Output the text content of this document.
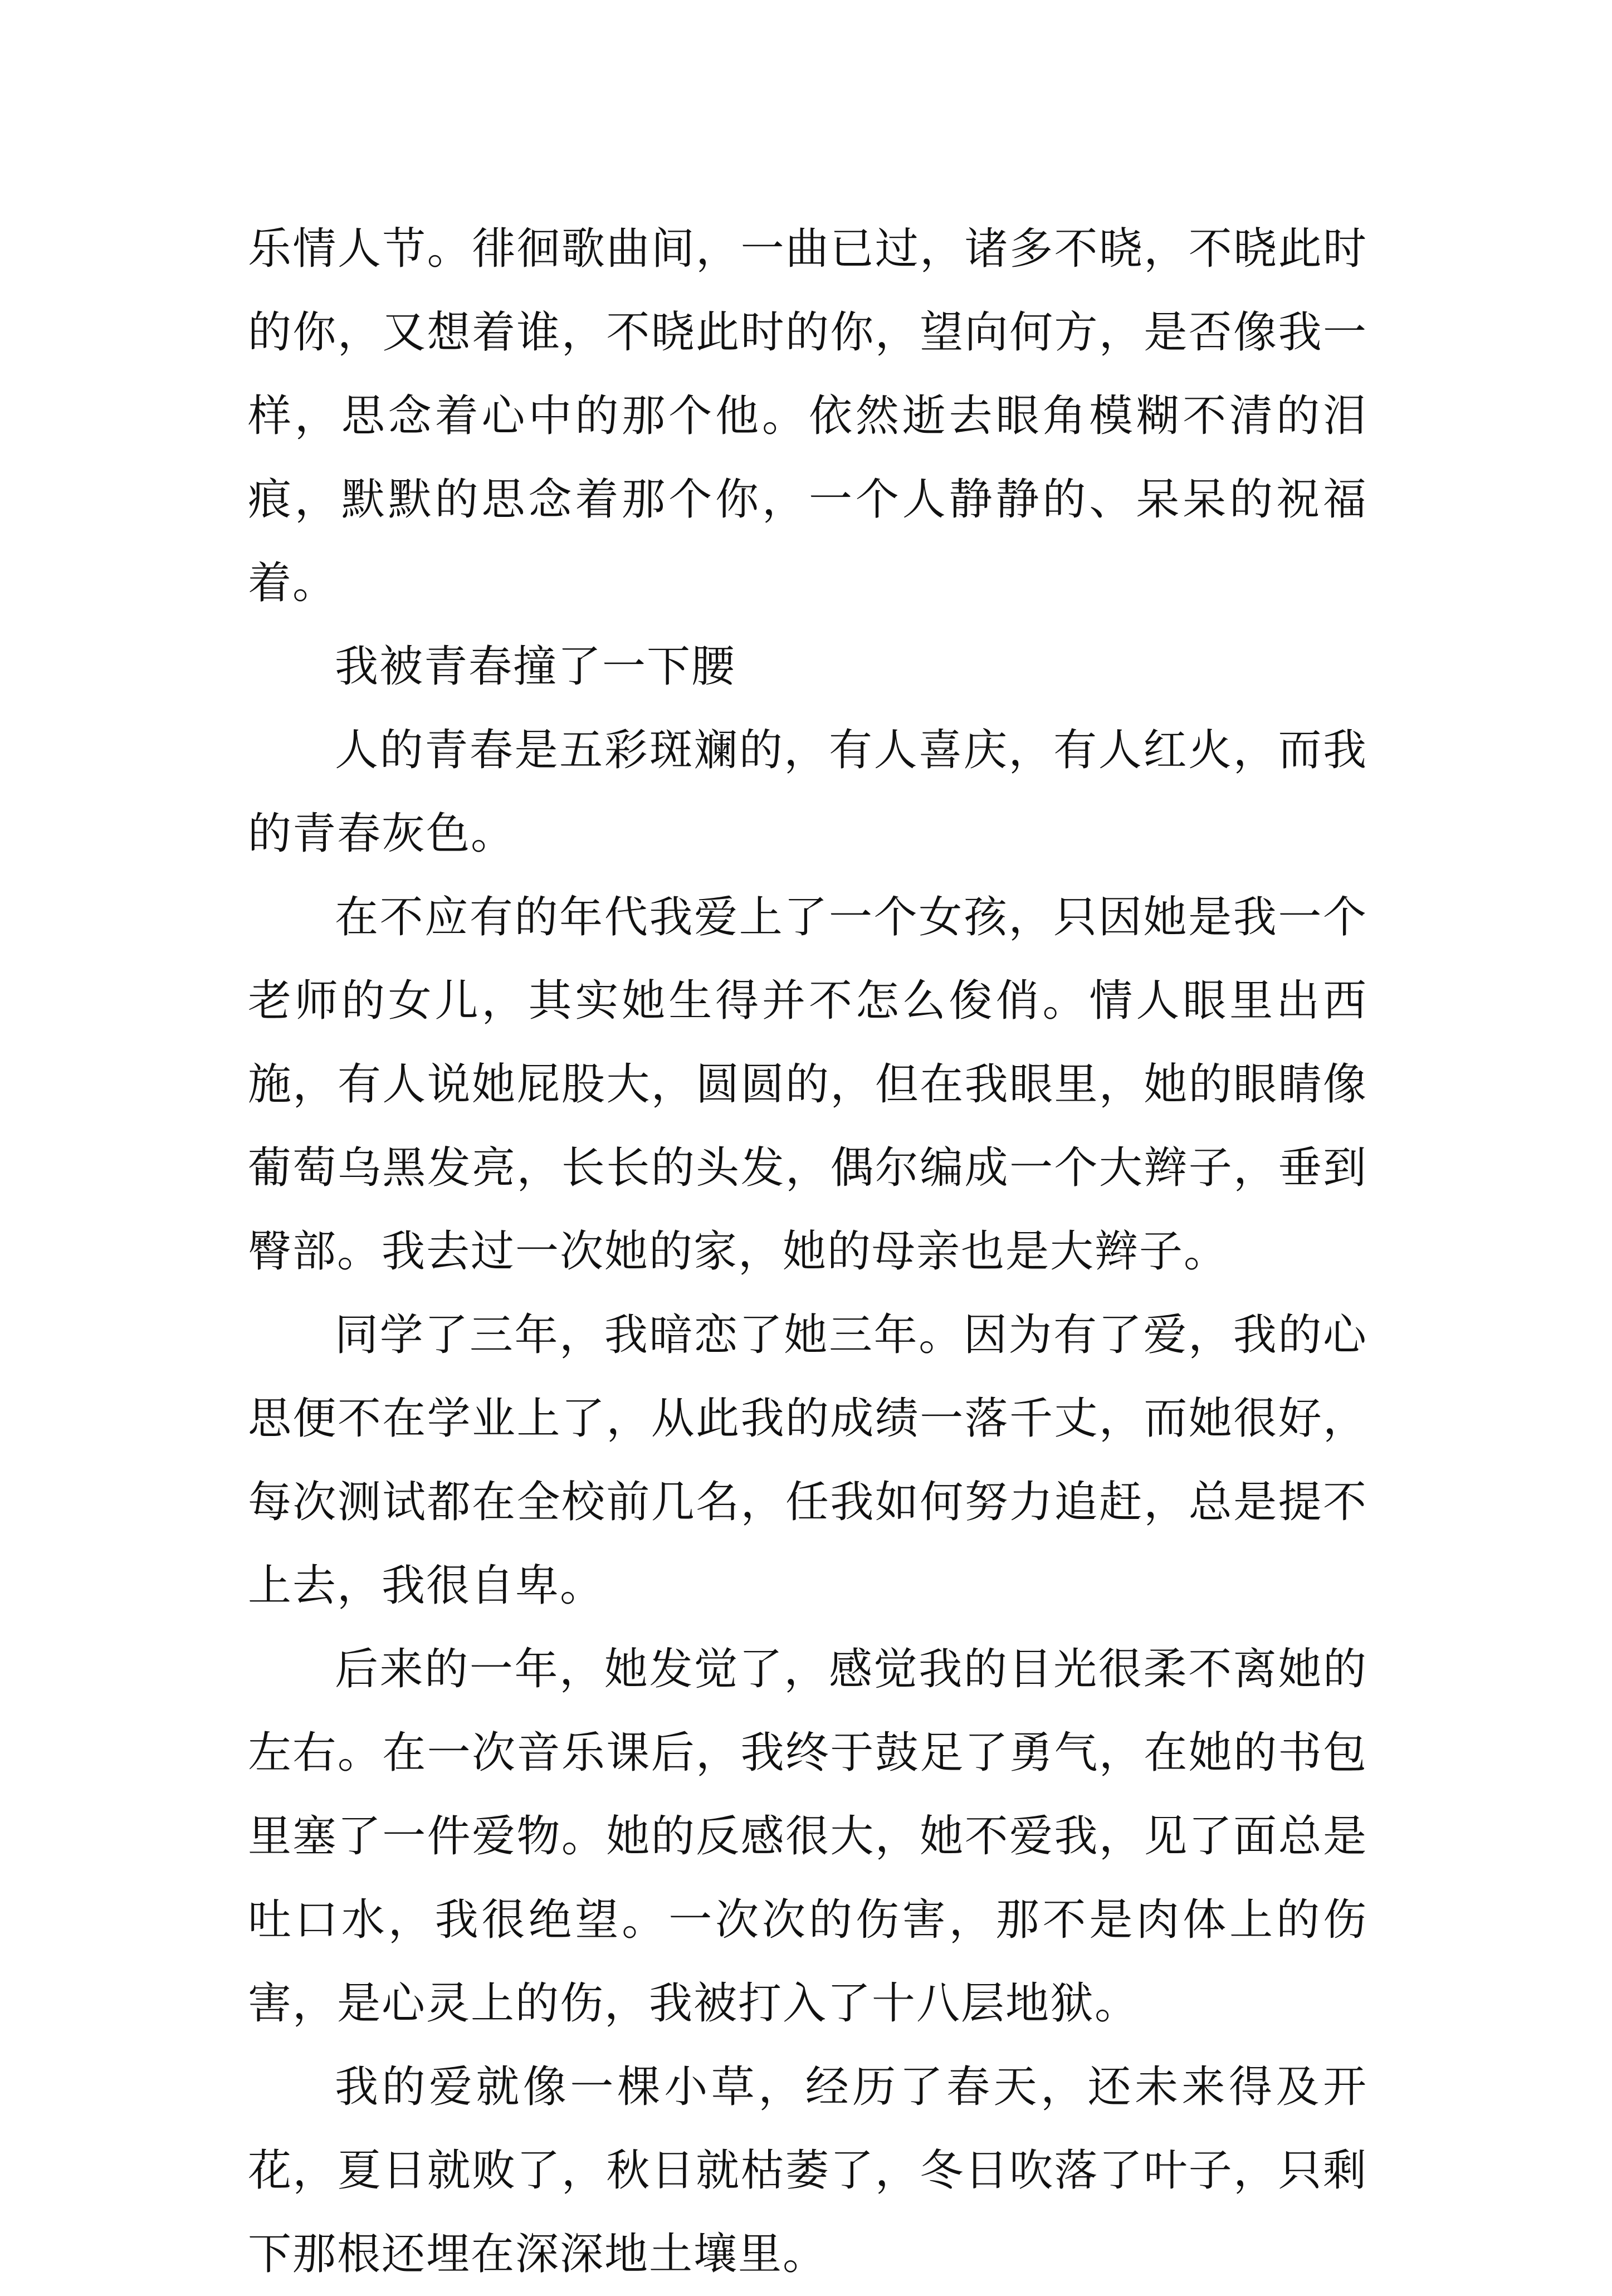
乐情人节。徘徊歌曲间，一曲已过，诸多不晓，不晓此时的你，又想着谁，不晓此时的你，望向何方，是否像我一样，思念着心中的那个他。依然逝去眼角模糊不清的泪痕，默默的思念着那个你，一个人静静的、呆呆的祝福着。

我被青春撞了一下腰

人的青春是五彩斑斓的，有人喜庆，有人红火，而我的青春灰色。

在不应有的年代我爱上了一个女孩，只因她是我一个老师的女儿，其实她生得并不怎么俊俏。情人眼里出西施，有人说她屁股大，圆圆的，但在我眼里，她的眼睛像葡萄乌黑发亮，长长的头发，偶尔编成一个大辫子，垂到臀部。我去过一次她的家，她的母亲也是大辫子。

同学了三年，我暗恋了她三年。因为有了爱，我的心思便不在学业上了，从此我的成绩一落千丈，而她很好，每次测试都在全校前几名，任我如何努力追赶，总是提不上去，我很自卑。

后来的一年，她发觉了，感觉我的目光很柔不离她的左右。在一次音乐课后，我终于鼓足了勇气，在她的书包里塞了一件爱物。她的反感很大，她不爱我，见了面总是吐口水，我很绝望。一次次的伤害，那不是肉体上的伤害，是心灵上的伤，我被打入了十八层地狱。

我的爱就像一棵小草，经历了春天，还未来得及开花，夏日就败了，秋日就枯萎了，冬日吹落了叶子，只剩下那根还埋在深深地土壤里。
